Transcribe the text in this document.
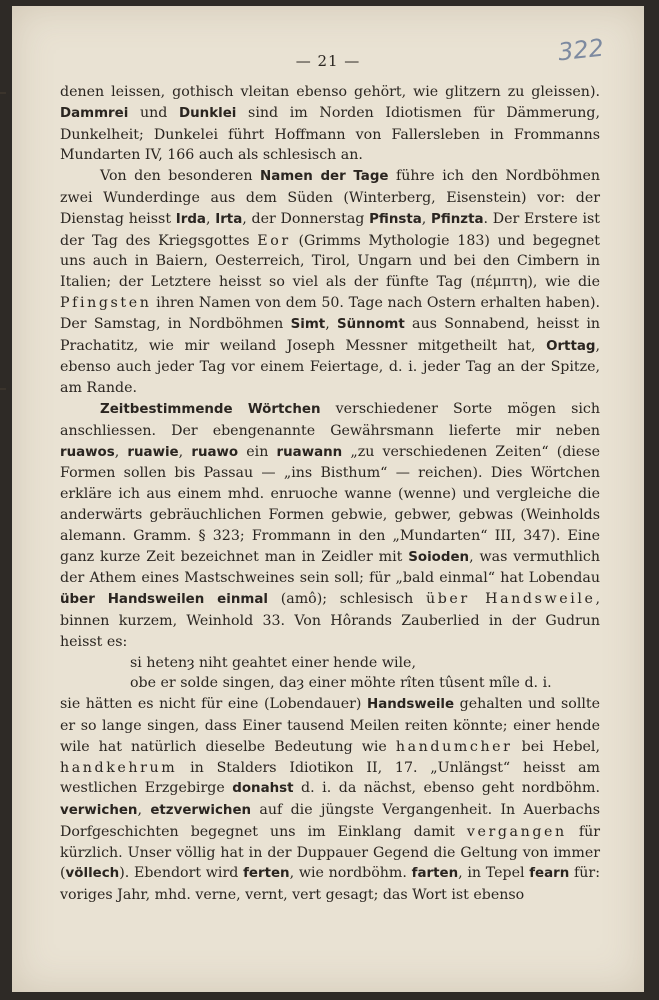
— 21 —	322

denen leissen, gothisch vleitan ebenso gehört, wie glitzern zu gleissen). Dammrei und Dunklei sind im Norden Idiotismen für Dämmerung, Dunkelheit; Dunkelei führt Hoffmann von Fallersleben in Frommanns Mundarten IV, 166 auch als schlesisch an.

Von den besonderen Namen der Tage führe ich den Nordböhmen zwei Wunderdinge aus dem Süden (Winterberg, Eisenstein) vor: der Dienstag heisst Irda, Irta, der Donnerstag Pfinsta, Pfinzta. Der Erstere ist der Tag des Kriegsgottes Eor (Grimms Mythologie 183) und begegnet uns auch in Baiern, Oesterreich, Tirol, Ungarn und bei den Cimbern in Italien; der Letztere heisst so viel als der fünfte Tag (πέμπτη), wie die Pfingsten ihren Namen von dem 50. Tage nach Ostern erhalten haben). Der Samstag, in Nordböhmen Simt, Sünnomt aus Sonnabend, heisst in Prachatitz, wie mir weiland Joseph Messner mitgetheilt hat, Orttag, ebenso auch jeder Tag vor einem Feiertage, d. i. jeder Tag an der Spitze, am Rande.

Zeitbestimmende Wörtchen verschiedener Sorte mögen sich anschliessen. Der ebengenannte Gewährsmann lieferte mir neben ruawos, ruawie, ruawo ein ruawann „zu verschiedenen Zeiten“ (diese Formen sollen bis Passau — „ins Bisthum“ — reichen). Dies Wörtchen erkläre ich aus einem mhd. enruoche wanne (wenne) und vergleiche die anderwärts gebräuchlichen Formen gebwie, gebwer, gebwas (Weinholds alemann. Gramm. § 323; Frommann in den „Mundarten“ III, 347). Eine ganz kurze Zeit bezeichnet man in Zeidler mit Soioden, was vermuthlich der Athem eines Mastschweines sein soll; für „bald einmal“ hat Lobendau über Handsweilen einmal (amô); schlesisch über Handsweile, binnen kurzem, Weinhold 33. Von Hôrands Zauberlied in der Gudrun heisst es:

si hetenȝ niht geahtet einer hende wile,

obe er solde singen, daȝ einer möhte rîten tûsent mîle d. i.

sie hätten es nicht für eine (Lobendauer) Handsweile gehalten und sollte er so lange singen, dass Einer tausend Meilen reiten könnte; einer hende wile hat natürlich dieselbe Bedeutung wie handumcher bei Hebel, handkehrum in Stalders Idiotikon II, 17. „Unlängst“ heisst am westlichen Erzgebirge donahst d. i. da nächst, ebenso geht nordböhm. verwichen, etzverwichen auf die jüngste Vergangenheit. In Auerbachs Dorfgeschichten begegnet uns im Einklang damit vergangen für kürzlich. Unser völlig hat in der Duppauer Gegend die Geltung von immer (völlech). Ebendort wird ferten, wie nordböhm. farten, in Tepel fearn für: voriges Jahr, mhd. verne, vernt, vert gesagt; das Wort ist ebenso
